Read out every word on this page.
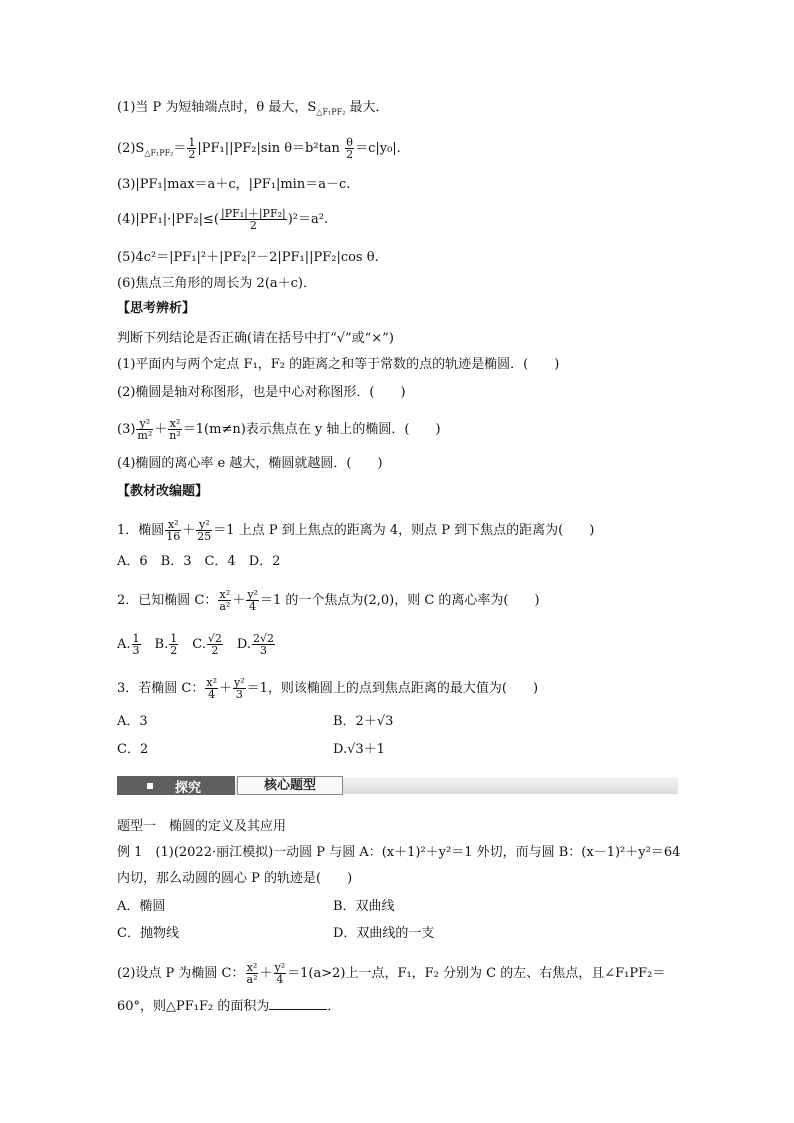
(1)当 P 为短轴端点时，θ 最大，$S_{\triangle F_1PF_2}$ 最大．
$(2)S_{\triangle F_1PF_2}= \frac{1}{2} |PF_1||PF_2|\sin$ $\theta=b^2\tan \frac{\theta}{2} =c|y_0|$.
(3)|PF₁|max＝a＋c，|PF₁|min＝a－c.
$(4)|PF_1|\cdot|PF_2|\le( \frac{\text{|PF₁|＋|PF₂|}}{2} )^2=a^2$.
(5)4c²＝|PF₁|²＋|PF₂|²－2|PF₁||PF₂|cos θ.
(6)焦点三角形的周长为 2(a＋c)．
【思考辨析】
判断下列结论是否正确(请在括号中打“√”或“×”)
(1)平面内与两个定点 F₁，F₂ 的距离之和等于常数的点的轨迹是椭圆．(　　)
(2)椭圆是轴对称图形，也是中心对称图形．(　　)
$(3) \frac{\text{y²}}{\text{m²}} + \frac{\text{x²}}{\text{n²}} =1(m\ne n)$表示焦点在 y 轴上的椭圆．(　　)
(4)椭圆的离心率 e 越大，椭圆就越圆．(　　)
【教材改编题】
1．椭圆 $\frac{\text{x²}}{16} + \frac{\text{y²}}{25} =1$ 上点 P 到上焦点的距离为 4，则点 P 到下焦点的距离为(　　)
A．6　B．3　C．4　D．2
2．已知椭圆 C： $\frac{\text{x²}}{\text{a²}} + \frac{\text{y²}}{4} =1$ 的一个焦点为(2,0)，则 C 的离心率为(　　)
A. $\frac{1}{3}$
　 B. $\frac{1}{2}$
　 C. $\frac{√2}{2}$
　 D. $\frac{2√2}{3}$
3．若椭圆 C： $\frac{\text{x²}}{4} + \frac{\text{y²}}{3} =1$，则该椭圆上的点到焦点距离的最大值为(　　)
A．3	B．2＋√3
C．2	D.√3＋1
探究	核心题型
题型一　椭圆的定义及其应用
例 1　(1)(2022·丽江模拟)一动圆 P 与圆 A：(x＋1)²＋y²＝1 外切，而与圆 B：(x－1)²＋y²＝64
内切，那么动圆的圆心 P 的轨迹是(　　)
A．椭圆	B．双曲线
C．抛物线	D．双曲线的一支
(2)设点 P 为椭圆 C： $\frac{\text{x²}}{\text{a²}} + \frac{\text{y²}}{4} =1(a>2)$上一点，F₁，F₂ 分别为 C 的左、右焦点，且∠F₁PF₂＝
60°，则△PF₁F₂ 的面积为	．
